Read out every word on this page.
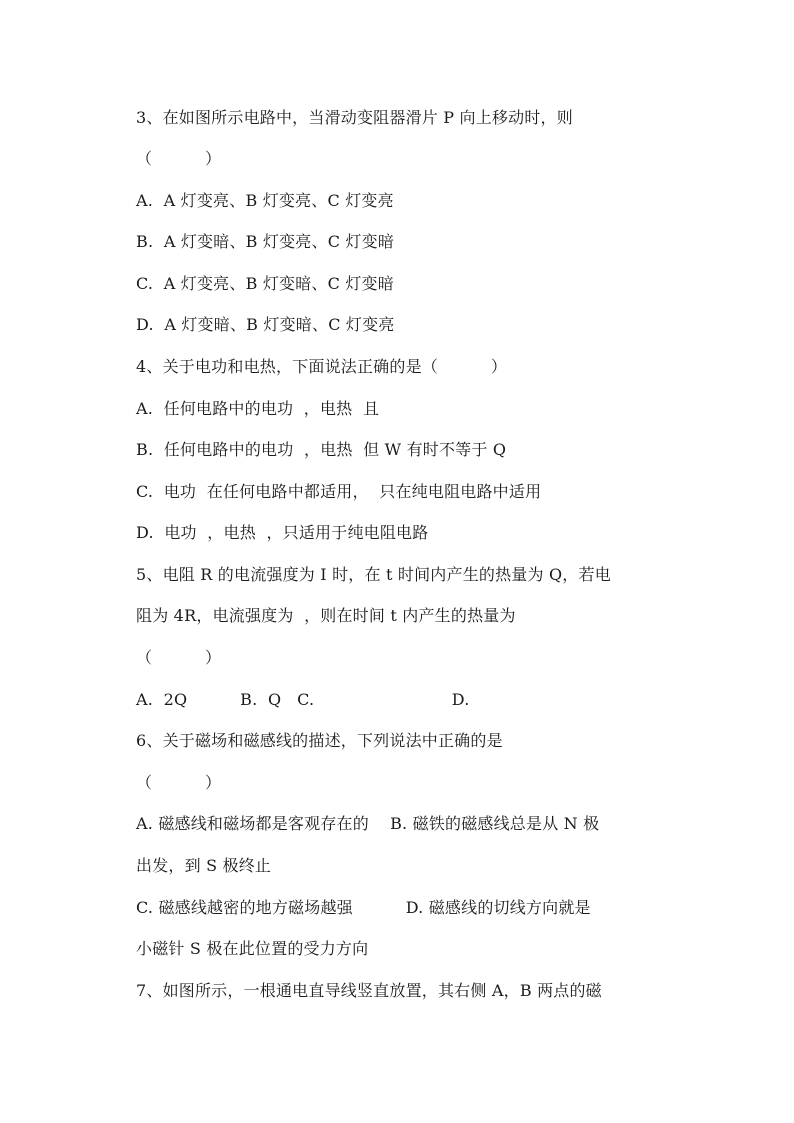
3、在如图所示电路中，当滑动变阻器滑片 P 向上移动时，则
（          ）
A.  A 灯变亮、B 灯变亮、C 灯变亮
B.  A 灯变暗、B 灯变亮、C 灯变暗
C.  A 灯变亮、B 灯变暗、C 灯变暗
D.  A 灯变暗、B 灯变暗、C 灯变亮
4、关于电功和电热，下面说法正确的是（          ）
A.  任何电路中的电功  ，电热  且
B.  任何电路中的电功  ，电热  但 W 有时不等于 Q
C.  电功  在任何电路中都适用，  只在纯电阻电路中适用
D.  电功  ，电热  ，只适用于纯电阻电路
5、电阻 R 的电流强度为 I 时，在 t 时间内产生的热量为 Q，若电
阻为 4R，电流强度为  ，则在时间 t 内产生的热量为
（          ）
A.  2Q          B.  Q   C.                          D.
6、关于磁场和磁感线的描述，下列说法中正确的是
（          ）
A. 磁感线和磁场都是客观存在的    B. 磁铁的磁感线总是从 N 极
出发，到 S 极终止
C. 磁感线越密的地方磁场越强          D. 磁感线的切线方向就是
小磁针 S 极在此位置的受力方向
7、如图所示，一根通电直导线竖直放置，其右侧 A，B 两点的磁
